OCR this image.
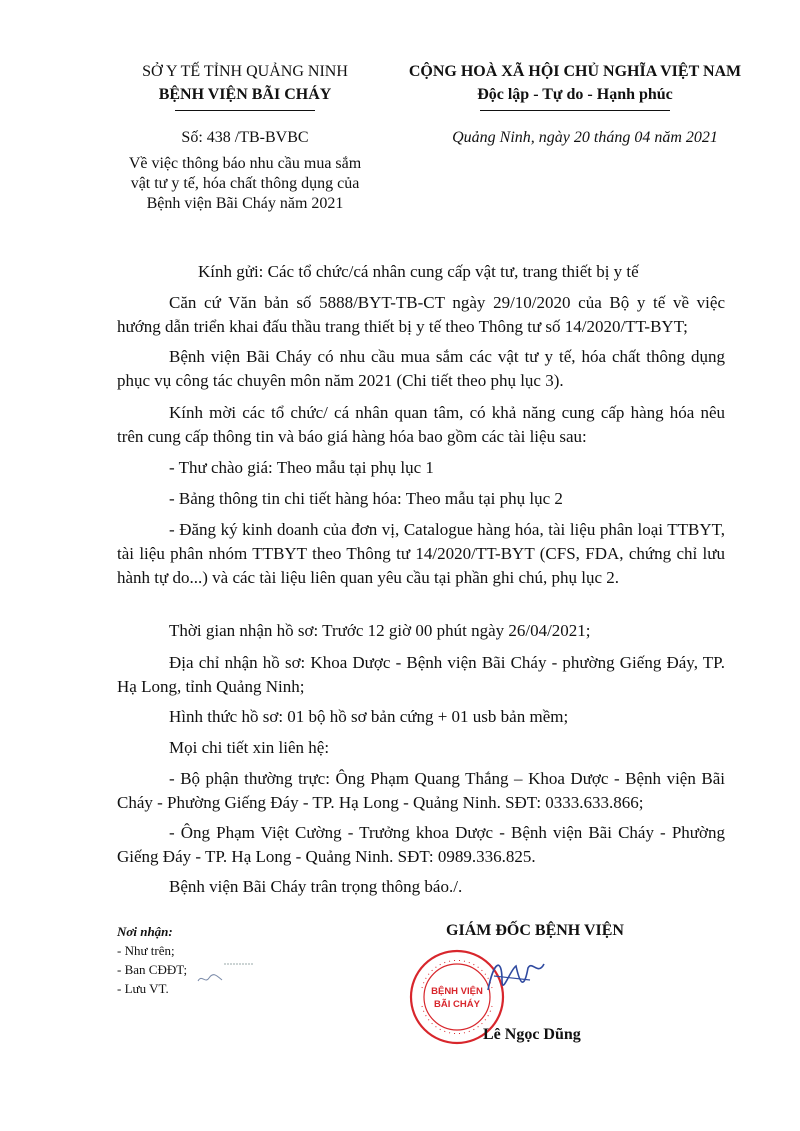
SỞ Y TẾ TỈNH QUẢNG NINH
BỆNH VIỆN BÃI CHÁY
CỘNG HOÀ XÃ HỘI CHỦ NGHĨA VIỆT NAM
Độc lập - Tự do - Hạnh phúc
Số: 438 /TB-BVBC	Quảng Ninh, ngày 20 tháng 04 năm 2021
Về việc thông báo nhu cầu mua sắm
vật tư y tế, hóa chất thông dụng của
Bệnh viện Bãi Cháy năm 2021
Kính gửi: Các tổ chức/cá nhân cung cấp vật tư, trang thiết bị y tế
Căn cứ Văn bản số 5888/BYT-TB-CT ngày 29/10/2020 của Bộ y tế về việc hướng dẫn triển khai đấu thầu trang thiết bị y tế theo Thông tư số 14/2020/TT-BYT;
Bệnh viện Bãi Cháy có nhu cầu mua sắm các vật tư y tế, hóa chất thông dụng phục vụ công tác chuyên môn năm 2021 (Chi tiết theo phụ lục 3).
Kính mời các tổ chức/ cá nhân quan tâm, có khả năng cung cấp hàng hóa nêu trên cung cấp thông tin và báo giá hàng hóa bao gồm các tài liệu sau:
- Thư chào giá: Theo mẫu tại phụ lục 1
- Bảng thông tin chi tiết hàng hóa: Theo mẫu tại phụ lục 2
- Đăng ký kinh doanh của đơn vị, Catalogue hàng hóa, tài liệu phân loại TTBYT, tài liệu phân nhóm TTBYT theo Thông tư 14/2020/TT-BYT (CFS, FDA, chứng chỉ lưu hành tự do...) và các tài liệu liên quan yêu cầu tại phần ghi chú, phụ lục 2.
Thời gian nhận hồ sơ: Trước 12 giờ 00 phút ngày 26/04/2021;
Địa chỉ nhận hồ sơ: Khoa Dược - Bệnh viện Bãi Cháy - phường Giếng Đáy, TP. Hạ Long, tỉnh Quảng Ninh;
Hình thức hồ sơ: 01 bộ hồ sơ bản cứng + 01 usb bản mềm;
Mọi chi tiết xin liên hệ:
- Bộ phận thường trực: Ông Phạm Quang Thắng – Khoa Dược - Bệnh viện Bãi Cháy - Phường Giếng Đáy - TP. Hạ Long - Quảng Ninh. SĐT: 0333.633.866;
- Ông Phạm Việt Cường - Trưởng khoa Dược - Bệnh viện Bãi Cháy - Phường Giếng Đáy - TP. Hạ Long - Quảng Ninh. SĐT: 0989.336.825.
Bệnh viện Bãi Cháy trân trọng thông báo./.
Nơi nhận:
- Như trên;
- Ban CĐĐT;
- Lưu VT.
GIÁM ĐỐC BỆNH VIỆN
BỆNH VIỆN
BÃI CHÁY
Lê Ngọc Dũng
